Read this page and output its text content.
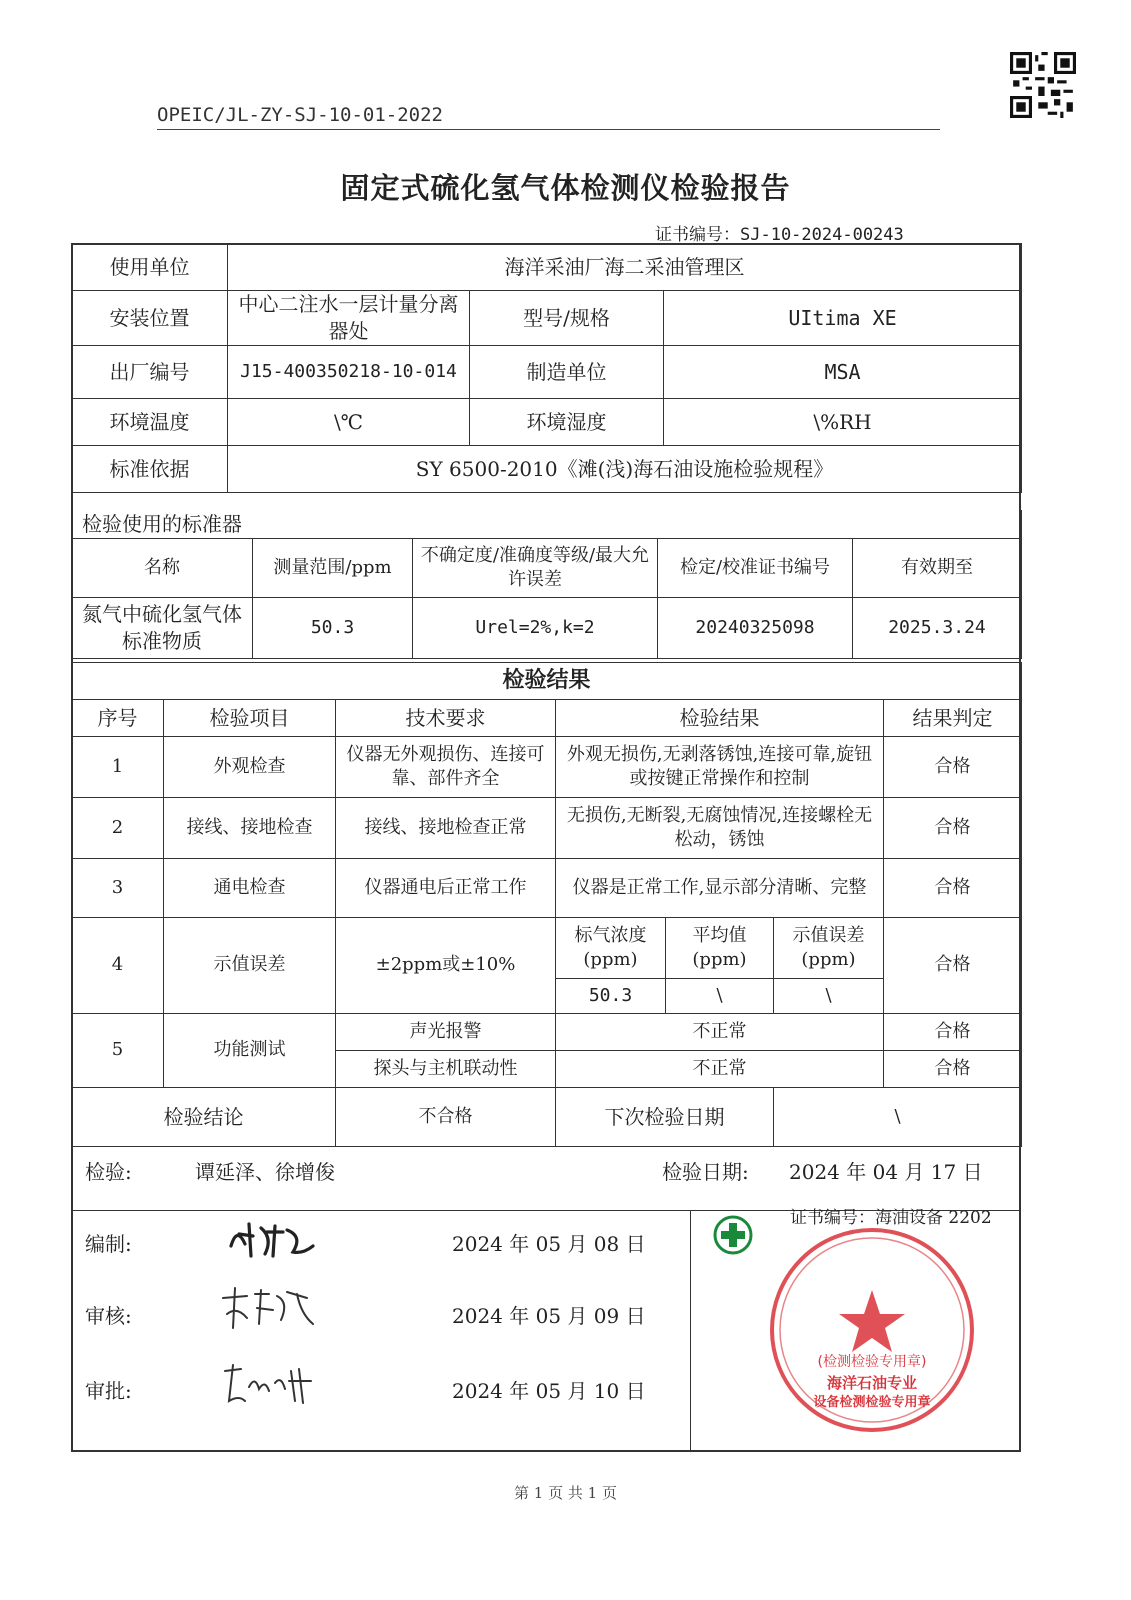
OPEIC/JL-ZY-SJ-10-01-2022
固定式硫化氢气体检测仪检验报告
证书编号：SJ-10-2024-00243
使用单位	海洋采油厂海二采油管理区		
安装位置	中心二注水一层计量分离器处	型号/规格	UItima XE
出厂编号	J15-400350218-10-014	制造单位	MSA
环境温度	\℃	环境湿度	\%RH
标准依据	SY 6500-2010《滩(浅)海石油设施检验规程》		
检验使用的标准器				
名称	测量范围/ppm	不确定度/准确度等级/最大允许误差	检定/校准证书编号	有效期至
氮气中硫化氢气体标准物质	50.3	Urel=2%,k=2	20240325098	2025.3.24
检验结果						
序号	检验项目	技术要求	检验结果			结果判定
1	外观检查	仪器无外观损伤、连接可靠、部件齐全	外观无损伤,无剥落锈蚀,连接可靠,旋钮或按键正常操作和控制			合格
2	接线、接地检查	接线、接地检查正常	无损伤,无断裂,无腐蚀情况,连接螺栓无松动，锈蚀			合格
3	通电检查	仪器通电后正常工作	仪器是正常工作,显示部分清晰、完整			合格
4	示值误差	±2ppm或±10%	标气浓度(ppm)	平均值(ppm)	示值误差(ppm)	合格
			50.3	\	\	
5	功能测试	声光报警	不正常			合格
		探头与主机联动性	不正常			合格
检验结论		不合格	下次检验日期		\	
检验:	谭延泽、徐增俊	检验日期: 2024 年 04 月 17 日
编制:	2024 年 05 月 08 日
审核:	2024 年 05 月 09 日
审批:	2024 年 05 月 10 日
证书编号：海油设备 2202
(检测检验专用章)
海洋石油专业
设备检测检验专用章
第 1 页 共 1 页
